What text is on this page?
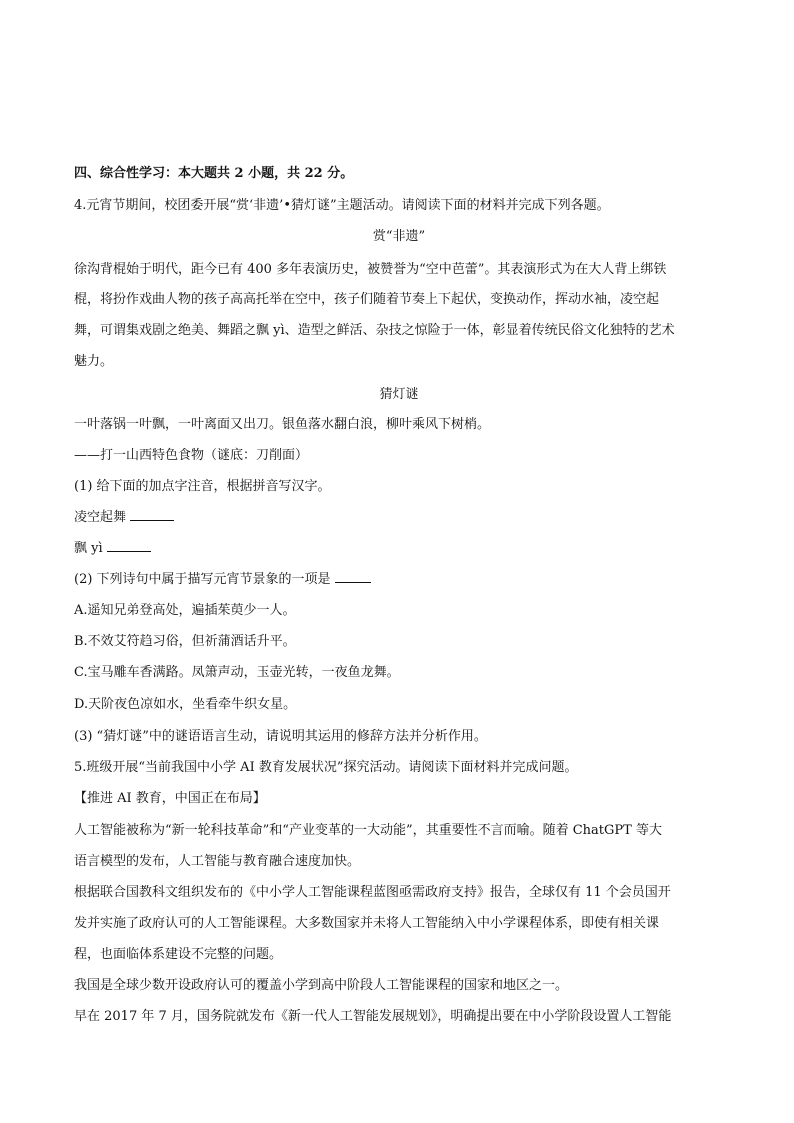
四、综合性学习：本大题共 2 小题，共 22 分。
4.元宵节期间，校团委开展“赏‘非遗’•猜灯谜”主题活动。请阅读下面的材料并完成下列各题。
赏“非遗”
徐沟背棍始于明代，距今已有 400 多年表演历史，被赞誉为“空中芭蕾”。其表演形式为在大人背上绑铁
棍，将扮作戏曲人物的孩子高高托举在空中，孩子们随着节奏上下起伏，变换动作，挥动水袖，凌空起
舞，可谓集戏剧之绝美、舞蹈之飘 yì、造型之鲜活、杂技之惊险于一体，彰显着传统民俗文化独特的艺术
魅力。
猜灯谜
一叶落锅一叶飘，一叶离面又出刀。银鱼落水翻白浪，柳叶乘风下树梢。
——打一山西特色食物（谜底：刀削面）
(1) 给下面的加点字注音，根据拼音写汉字。
凌空起舞
飘 yì
(2) 下列诗句中属于描写元宵节景象的一项是
A.遥知兄弟登高处，遍插茱萸少一人。
B.不效艾符趋习俗，但祈蒲酒话升平。
C.宝马雕车香满路。凤箫声动，玉壶光转，一夜鱼龙舞。
D.天阶夜色凉如水，坐看牵牛织女星。
(3) “猜灯谜”中的谜语语言生动，请说明其运用的修辞方法并分析作用。
5.班级开展“当前我国中小学 AI 教育发展状况”探究活动。请阅读下面材料并完成问题。
【推进 AI 教育，中国正在布局】
人工智能被称为“新一轮科技革命”和“产业变革的一大动能”，其重要性不言而喻。随着 ChatGPT 等大
语言模型的发布，人工智能与教育融合速度加快。
根据联合国教科文组织发布的《中小学人工智能课程蓝图亟需政府支持》报告，全球仅有 11 个会员国开
发并实施了政府认可的人工智能课程。大多数国家并未将人工智能纳入中小学课程体系，即使有相关课
程，也面临体系建设不完整的问题。
我国是全球少数开设政府认可的覆盖小学到高中阶段人工智能课程的国家和地区之一。
早在 2017 年 7 月，国务院就发布《新一代人工智能发展规划》，明确提出要在中小学阶段设置人工智能
